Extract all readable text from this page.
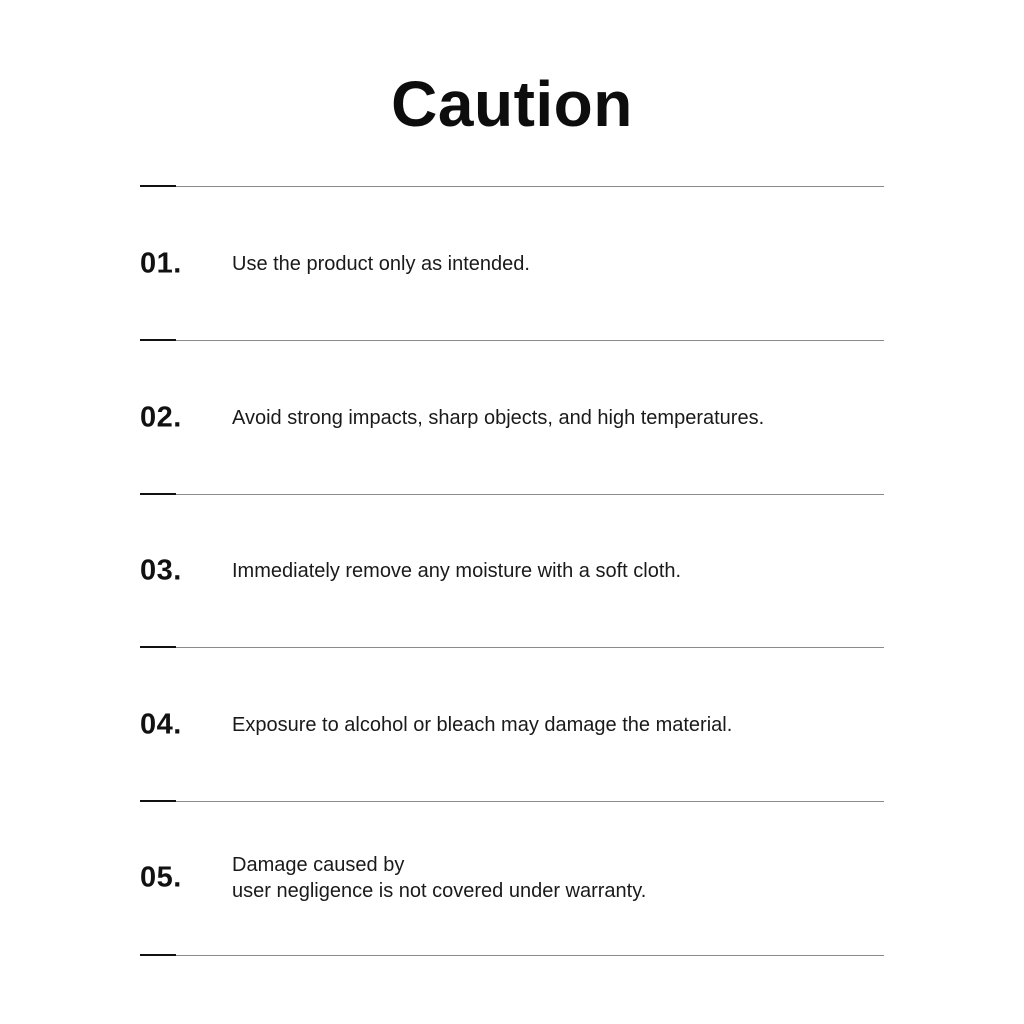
Caution
01.	Use the product only as intended.
02.	Avoid strong impacts, sharp objects, and high temperatures.
03.	Immediately remove any moisture with a soft cloth.
04.	Exposure to alcohol or bleach may damage the material.
05.	Damage caused by
user negligence is not covered under warranty.
